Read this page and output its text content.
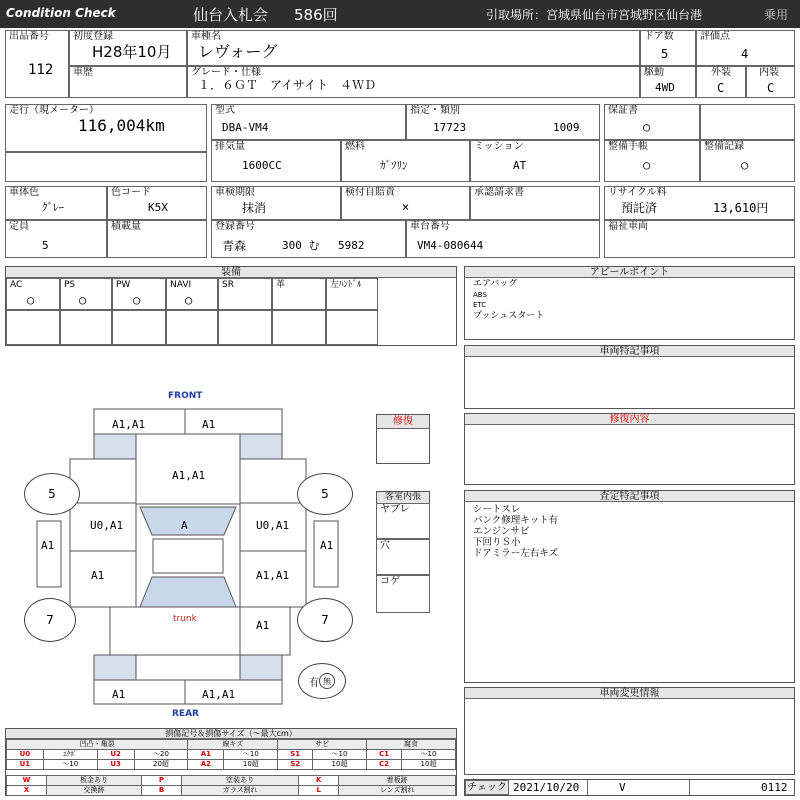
Condition Check	仙台入札会 586回	引取場所：宮城県仙台市宮城野区仙台港	乗用
出品番号
112
初度登録
H28年10月
車種名
レヴォーグ
ドア数
5
評価点
4
車歴	グレード・仕様
１．６ＧＴ　アイサイト　４ＷＤ
駆動
4WD
外装
C
内装
C
走行（現メーター）
116,004km
型式
DBA-VM4
指定・類別
17723	1009
保証書
○
排気量
1600CC
燃料
ｶﾞｿﾘﾝ
ミッション
AT
整備手帳
○
整備記録
○
車体色
ｸﾞﾚｰ
色コード
K5X
定員
5
積載量
車検期限
抹消
検付自賠責
×
承認請求書
登録番号
青森	300 む 5982
車台番号
VM4-080644
リサイクル料
預託済	13,610円
福祉車両
装備
AC
○
PS
○
PW
○
NAVI
○
SR	革	左ﾊﾝﾄﾞﾙ
アピールポイント
エアバッグ
ABS
ETC
プッシュスタート
車両特記事項
修復内容
査定特記事項
シートスレ
パンク修理キット有
エンジンサビ
下回りＳ小
ドアミラー左右キズ
車両変更情報
チェック 2021/10/20	V	0112
FRONT
REAR
5	5
7	7
有 無
A1,A1	A1
A1,A1
U0,A1	U0,A1
A
A1	A1
A1	A1,A1
trunk	A1
A1	A1,A1
修復
客室内張
ヤブレ
穴
コゲ
損傷記号＆損傷サイズ（～最大cm）
凹凸・亀裂				線キズ		サビ		腐食	
U0	ｴｸﾎﾞ	U2	～20	A1	～10	S1	～10	C1	～10
U1	～10	U3	20超	A2	10超	S2	10超	C2	10超
W	板金あり	P	塗装あり	K	着板跡
X	交換跡	B	ガラス割れ	L	レンズ割れ
